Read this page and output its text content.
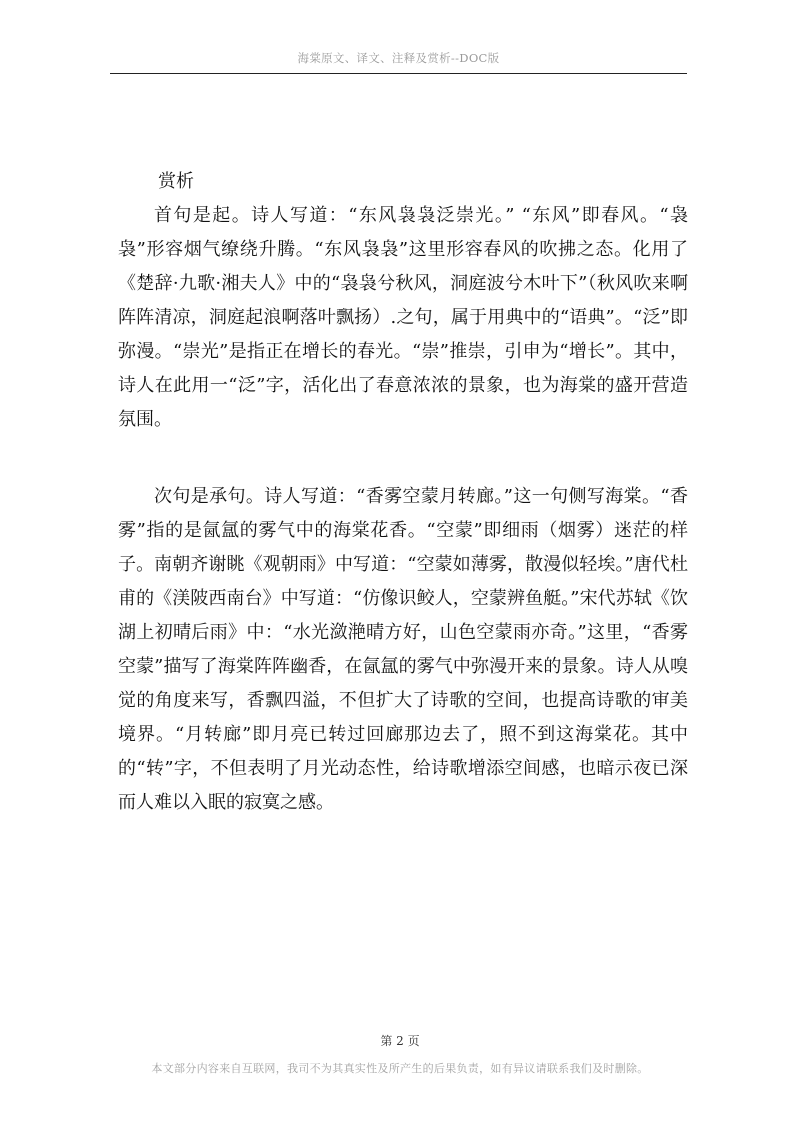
海棠原文、译文、注释及赏析--DOC版

赏析

首句是起。诗人写道：“东风袅袅泛崇光。” “东风”即春风。“袅袅”形容烟气缭绕升腾。“东风袅袅”这里形容春风的吹拂之态。化用了《楚辞·九歌·湘夫人》中的“袅袅兮秋风，洞庭波兮木叶下”（秋风吹来啊阵阵清凉，洞庭起浪啊落叶飘扬）.之句，属于用典中的“语典”。“泛”即弥漫。“崇光”是指正在增长的春光。“崇”推崇，引申为“增长”。其中，诗人在此用一“泛”字，活化出了春意浓浓的景象，也为海棠的盛开营造氛围。

次句是承句。诗人写道：“香雾空蒙月转廊。”这一句侧写海棠。“香雾”指的是氤氲的雾气中的海棠花香。“空蒙”即细雨（烟雾）迷茫的样子。南朝齐谢眺《观朝雨》中写道：“空蒙如薄雾，散漫似轻埃。”唐代杜甫的《渼陂西南台》中写道：“仿像识鲛人，空蒙辨鱼艇。”宋代苏轼《饮湖上初晴后雨》中：“水光潋滟晴方好，山色空蒙雨亦奇。”这里，“香雾空蒙”描写了海棠阵阵幽香，在氤氲的雾气中弥漫开来的景象。诗人从嗅觉的角度来写，香飘四溢，不但扩大了诗歌的空间，也提高诗歌的审美境界。“月转廊”即月亮已转过回廊那边去了，照不到这海棠花。其中的“转”字，不但表明了月光动态性，给诗歌增添空间感，也暗示夜已深而人难以入眠的寂寞之感。

第 2 页
本文部分内容来自互联网，我司不为其真实性及所产生的后果负责，如有异议请联系我们及时删除。
